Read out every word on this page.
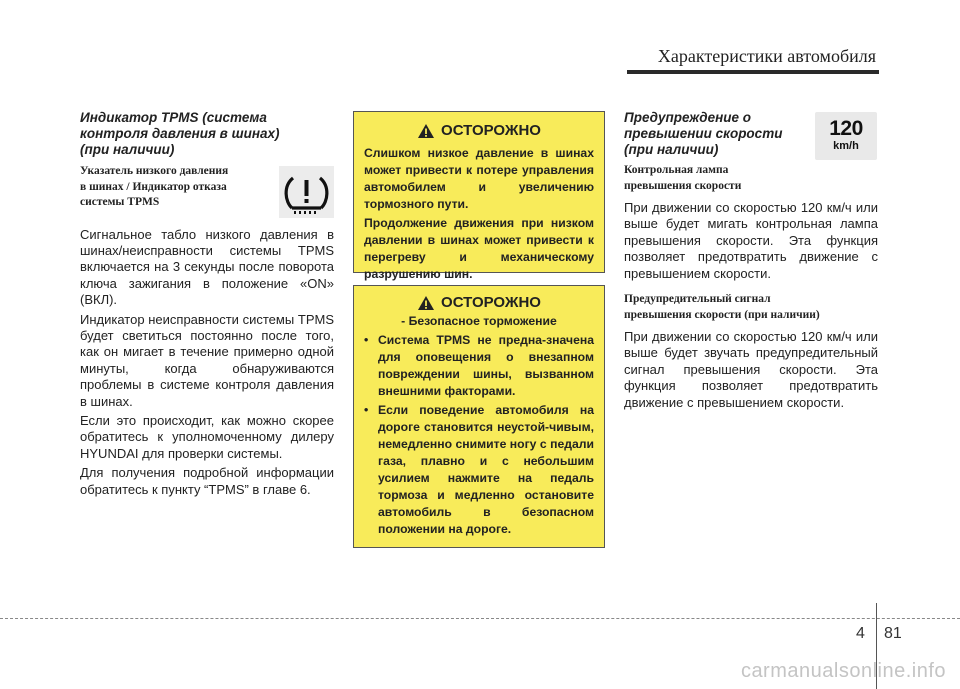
Характеристики автомобиля
Индикатор TPMS (система
контроля давления в шинах)
(при наличии)
Указатель низкого давления
в шинах / Индикатор отказа
системы TPMS

Сигнальное табло низкого давления в шинах/неисправности системы TPMS включается на 3 секунды после поворота ключа зажигания в положение «ON» (ВКЛ).

Индикатор неисправности системы TPMS будет светиться постоянно после того, как он мигает в течение примерно одной минуты, когда обнаруживаются проблемы в системе контроля давления в шинах.

Если это происходит, как можно скорее обратитесь к уполномоченному дилеру HYUNDAI для проверки системы.

Для получения подробной информации обратитесь к пункту “TPMS” в главе 6.

ОСТОРОЖНО

Слишком низкое давление в шинах может привести к потере управления автомобилем и увеличению тормозного пути.

Продолжение движения при низком давлении в шинах может привести к перегреву и механическому разрушению шин.

ОСТОРОЖНО

- Безопасное торможение

• Система TPMS не предна-значена для оповещения о внезапном повреждении шины, вызванном внешними факторами.
• Если поведение автомобиля на дороге становится неустой-чивым, немедленно снимите ногу с педали газа, плавно и с небольшим усилием нажмите на педаль тормоза и медленно остановите автомобиль в безопасном положении на дороге.
Предупреждение о
превышении скорости
(при наличии)
120
km/h
Контрольная лампа
превышения скорости

При движении со скоростью 120 км/ч или выше будет мигать контрольная лампа превышения скорости. Эта функция позволяет предотвратить движение с превышением скорости.

Предупредительный сигнал
превышения скорости (при наличии)

При движении со скоростью 120 км/ч или выше будет звучать предупредительный сигнал превышения скорости. Эта функция позволяет предотвратить движение с превышением скорости.

4 81
carmanualsonline.info
